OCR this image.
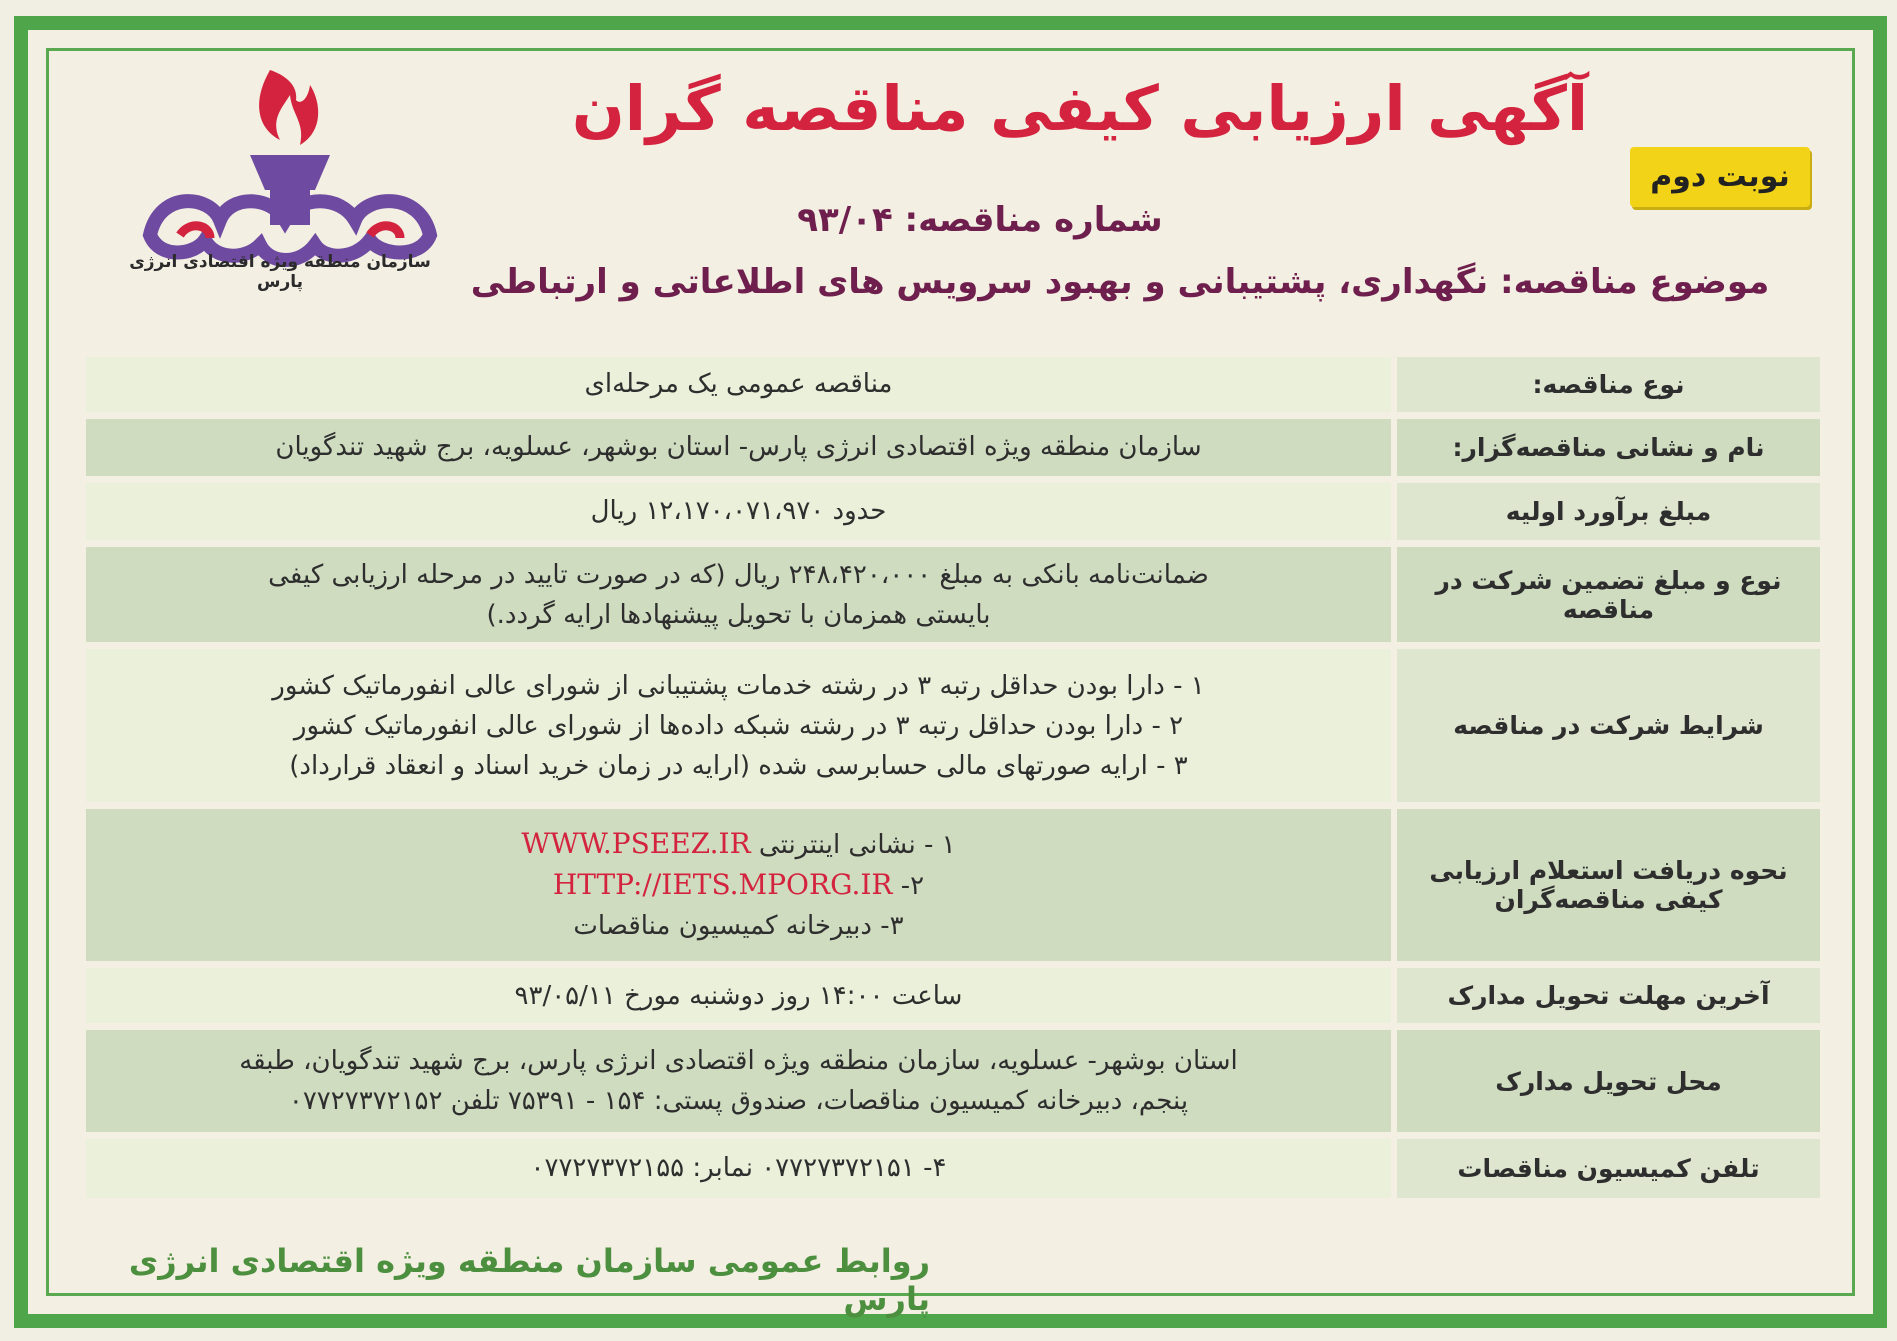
سازمان منطقه ویژه اقتصادی انرژی پارس
آگهی ارزیابی کیفی مناقصه گران
نوبت دوم
شماره مناقصه: ۹۳/۰۴
موضوع مناقصه: نگهداری، پشتیبانی و بهبود سرویس های اطلاعاتی و ارتباطی
نوع مناقصه:	مناقصه عمومی یک مرحله‌ای

نام و نشانی مناقصه‌گزار:	سازمان منطقه ویژه اقتصادی انرژی پارس- استان بوشهر، عسلویه، برج شهید تندگویان

مبلغ برآورد اولیه	حدود ۱۲،۱۷۰،۰۷۱،۹۷۰ ریال

نوع و مبلغ تضمین شرکت در مناقصه	ضمانت‌نامه بانکی به مبلغ ۲۴۸،۴۲۰،۰۰۰ ریال (که در صورت تایید در مرحله ارزیابی کیفی
بایستی همزمان با تحویل پیشنهادها ارایه گردد.)

شرایط شرکت در مناقصه	۱ - دارا بودن حداقل رتبه ۳ در رشته خدمات پشتیبانی از شورای عالی انفورماتیک کشور
۲ - دارا بودن حداقل رتبه ۳ در رشته شبکه داده‌ها از شورای عالی انفورماتیک کشور
۳ - ارایه صورتهای مالی حسابرسی شده (ارایه در زمان خرید اسناد و انعقاد قرارداد)

نحوه دریافت استعلام ارزیابی کیفی مناقصه‌گران	۱ - نشانی اینترنتی WWW.PSEEZ.IR
۲- HTTP://IETS.MPORG.IR
۳- دبیرخانه کمیسیون مناقصات

آخرین مهلت تحویل مدارک	ساعت ۱۴:۰۰ روز دوشنبه مورخ ۹۳/۰۵/۱۱

محل تحویل مدارک	استان بوشهر- عسلویه، سازمان منطقه ویژه اقتصادی انرژی پارس، برج شهید تندگویان، طبقه
پنجم، دبیرخانه کمیسیون مناقصات، صندوق پستی: ۱۵۴ - ۷۵۳۹۱ تلفن ۰۷۷۲۷۳۷۲۱۵۲

تلفن کمیسیون مناقصات	۴- ۰۷۷۲۷۳۷۲۱۵۱ نمابر: ۰۷۷۲۷۳۷۲۱۵۵
روابط عمومی سازمان منطقه ویژه اقتصادی انرژی پارس
